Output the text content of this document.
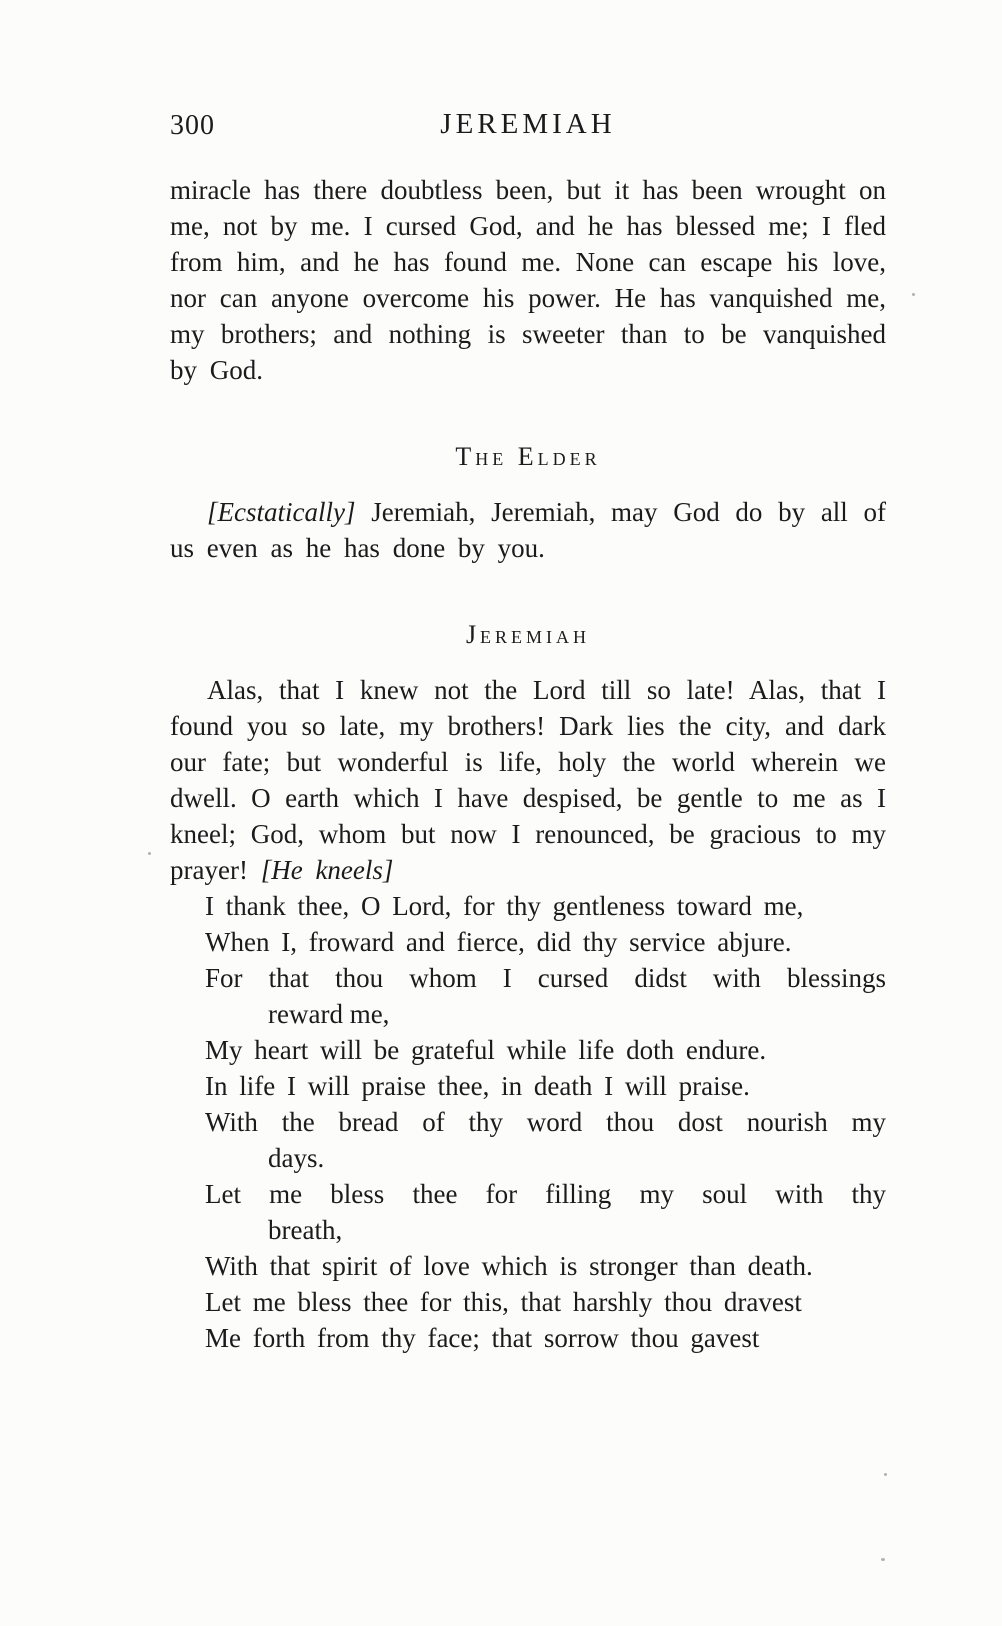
300	JEREMIAH

miracle has there doubtless been, but it has been wrought on me, not by me. I cursed God, and he has blessed me; I fled from him, and he has found me. None can escape his love, nor can anyone overcome his power. He has vanquished me, my brothers; and nothing is sweeter than to be vanquished by God.

The Elder

[Ecstatically] Jeremiah, Jeremiah, may God do by all of us even as he has done by you.

Jeremiah

Alas, that I knew not the Lord till so late! Alas, that I found you so late, my brothers! Dark lies the city, and dark our fate; but wonderful is life, holy the world wherein we dwell. O earth which I have despised, be gentle to me as I kneel; God, whom but now I renounced, be gracious to my prayer! [He kneels]

I thank thee, O Lord, for thy gentleness toward me,
When I, froward and fierce, did thy service abjure.
For that thou whom I cursed didst with blessings
reward me,
My heart will be grateful while life doth endure.
In life I will praise thee, in death I will praise.
With the bread of thy word thou dost nourish my
days.
Let me bless thee for filling my soul with thy
breath,
With that spirit of love which is stronger than death.
Let me bless thee for this, that harshly thou dravest
Me forth from thy face; that sorrow thou gavest
